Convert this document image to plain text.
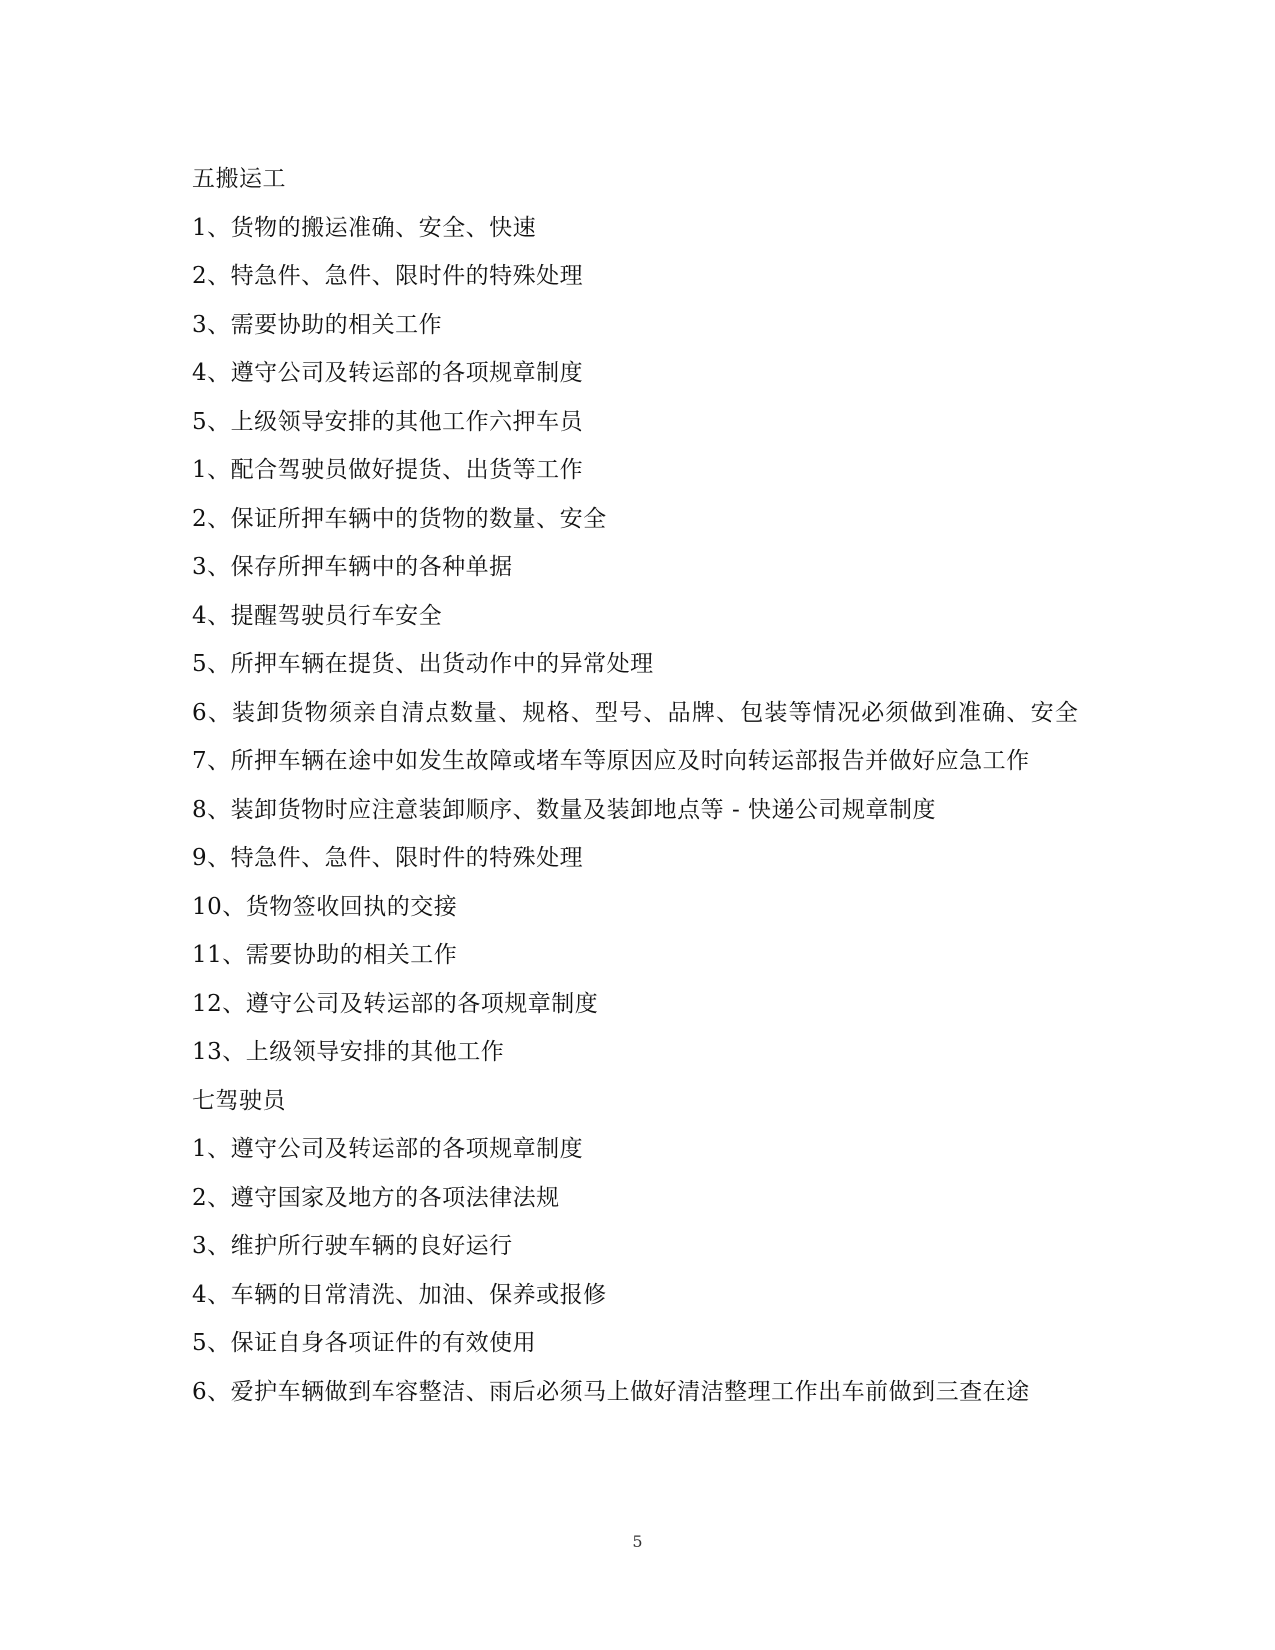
五搬运工
1、货物的搬运准确、安全、快速
2、特急件、急件、限时件的特殊处理
3、需要协助的相关工作
4、遵守公司及转运部的各项规章制度
5、上级领导安排的其他工作六押车员
1、配合驾驶员做好提货、出货等工作
2、保证所押车辆中的货物的数量、安全
3、保存所押车辆中的各种单据
4、提醒驾驶员行车安全
5、所押车辆在提货、出货动作中的异常处理
6、装卸货物须亲自清点数量、规格、型号、品牌、包装等情况必须做到准确、安全
7、所押车辆在途中如发生故障或堵车等原因应及时向转运部报告并做好应急工作
8、装卸货物时应注意装卸顺序、数量及装卸地点等 - 快递公司规章制度
9、特急件、急件、限时件的特殊处理
10、货物签收回执的交接
11、需要协助的相关工作
12、遵守公司及转运部的各项规章制度
13、上级领导安排的其他工作
七驾驶员
1、遵守公司及转运部的各项规章制度
2、遵守国家及地方的各项法律法规
3、维护所行驶车辆的良好运行
4、车辆的日常清洗、加油、保养或报修
5、保证自身各项证件的有效使用
6、爱护车辆做到车容整洁、雨后必须马上做好清洁整理工作出车前做到三查在途
5
